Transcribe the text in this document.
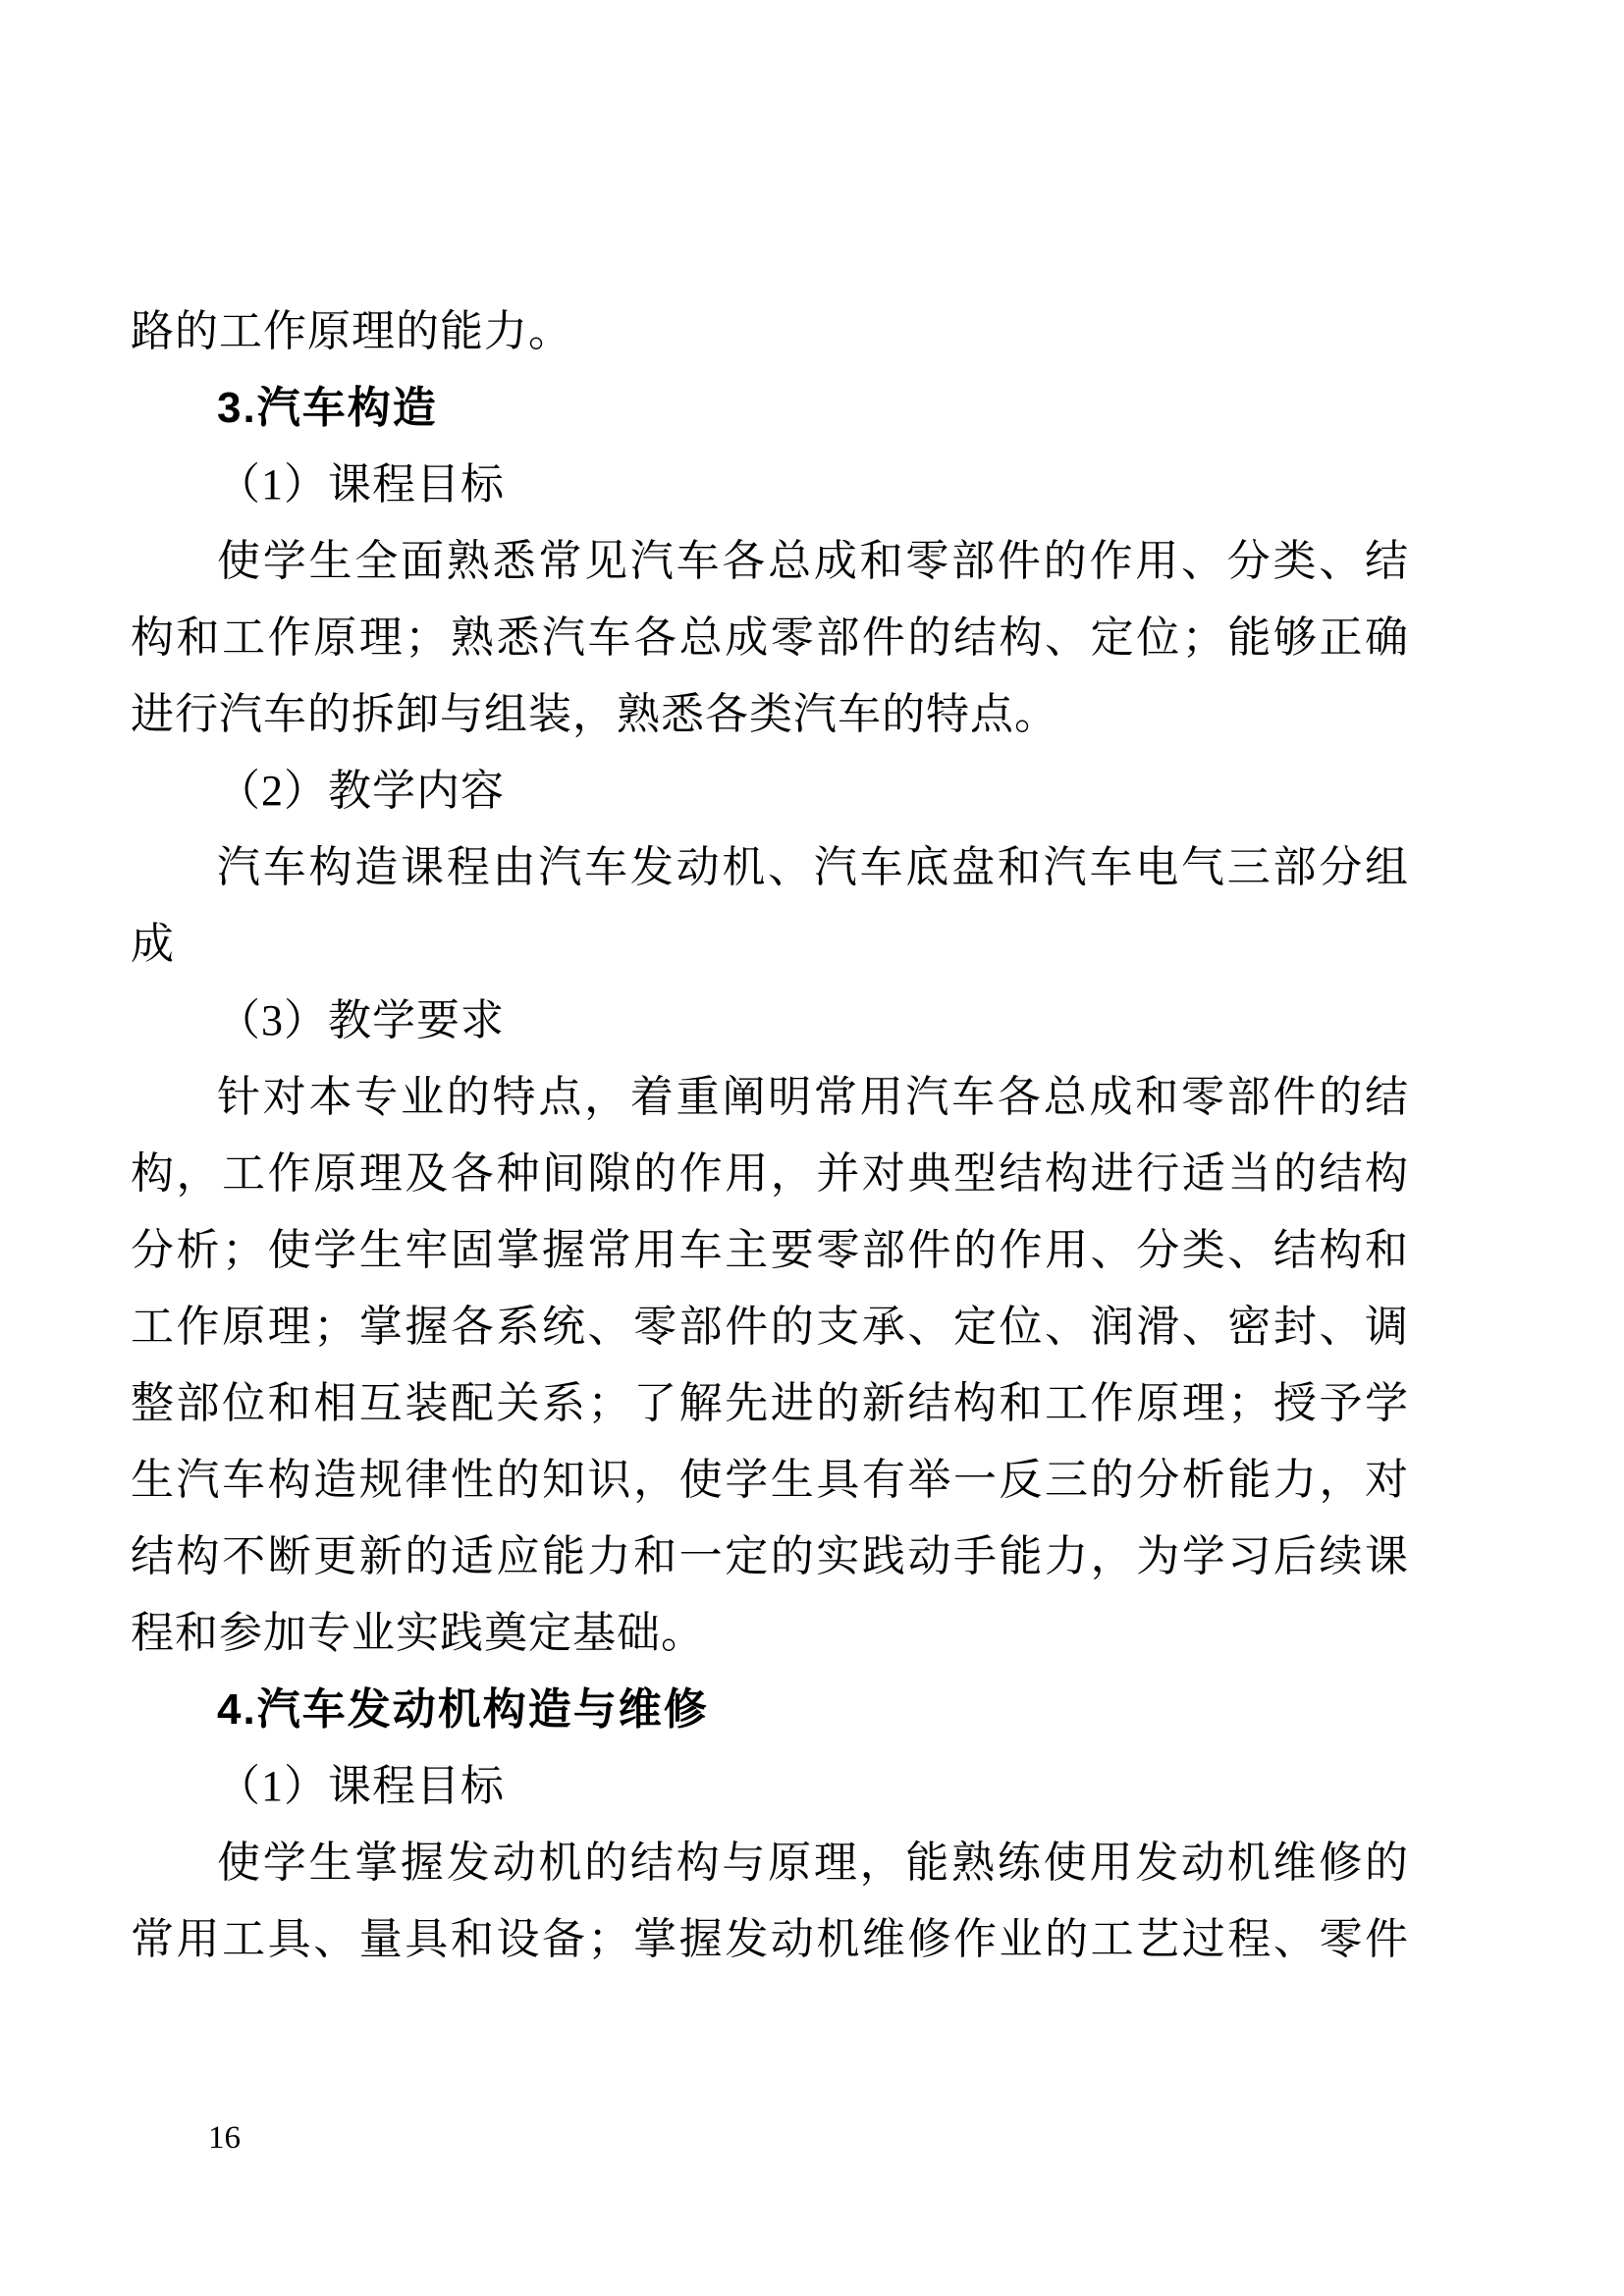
路的工作原理的能力。
3.汽车构造
（1）课程目标
使学生全面熟悉常见汽车各总成和零部件的作用、分类、结
构和工作原理；熟悉汽车各总成零部件的结构、定位；能够正确
进行汽车的拆卸与组装，熟悉各类汽车的特点。
（2）教学内容
汽车构造课程由汽车发动机、汽车底盘和汽车电气三部分组
成
（3）教学要求
针对本专业的特点，着重阐明常用汽车各总成和零部件的结
构，工作原理及各种间隙的作用，并对典型结构进行适当的结构
分析；使学生牢固掌握常用车主要零部件的作用、分类、结构和
工作原理；掌握各系统、零部件的支承、定位、润滑、密封、调
整部位和相互装配关系；了解先进的新结构和工作原理；授予学
生汽车构造规律性的知识，使学生具有举一反三的分析能力，对
结构不断更新的适应能力和一定的实践动手能力，为学习后续课
程和参加专业实践奠定基础。
4.汽车发动机构造与维修
（1）课程目标
使学生掌握发动机的结构与原理，能熟练使用发动机维修的
常用工具、量具和设备；掌握发动机维修作业的工艺过程、零件
16
